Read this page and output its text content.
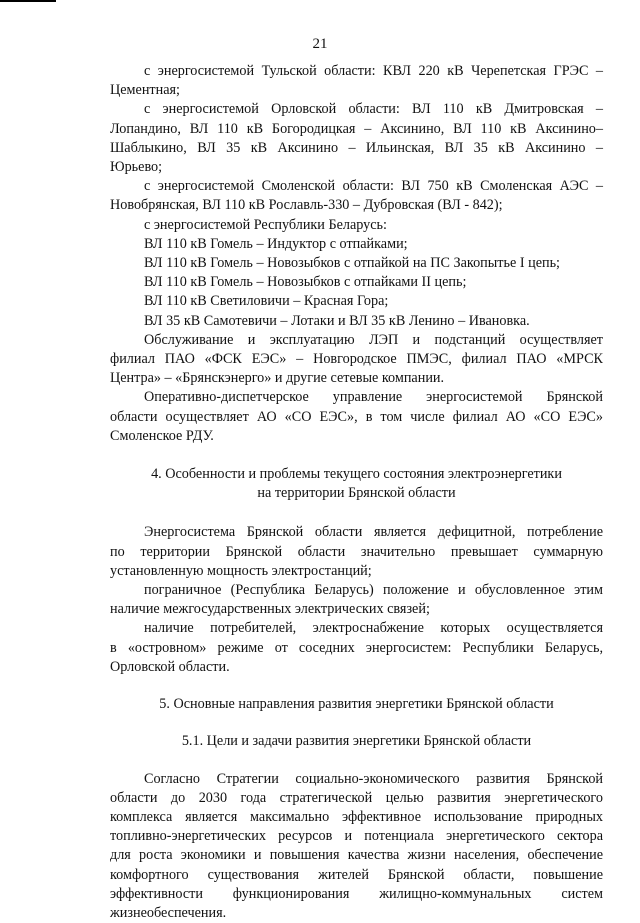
21
с энергосистемой Тульской области: КВЛ 220 кВ Черепетская ГРЭС –
Цементная;
с энергосистемой Орловской области: ВЛ 110 кВ Дмитровская –
Лопандино, ВЛ 110 кВ Богородицкая – Аксинино, ВЛ 110 кВ Аксинино–
Шаблыкино, ВЛ 35 кВ Аксинино – Ильинская, ВЛ 35 кВ Аксинино –
Юрьево;
с энергосистемой Смоленской области: ВЛ 750 кВ Смоленская АЭС –
Новобрянская, ВЛ 110 кВ Рославль-330 – Дубровская (ВЛ - 842);
с энергосистемой Республики Беларусь:
ВЛ 110 кВ Гомель – Индуктор с отпайками;
ВЛ 110 кВ Гомель – Новозыбков с отпайкой на ПС Закопытье I цепь;
ВЛ 110 кВ Гомель – Новозыбков с отпайками II цепь;
ВЛ 110 кВ Светиловичи – Красная Гора;
ВЛ 35 кВ Самотевичи – Лотаки и ВЛ 35 кВ Ленино – Ивановка.
Обслуживание и эксплуатацию ЛЭП и подстанций осуществляет
филиал ПАО «ФСК ЕЭС» – Новгородское ПМЭС, филиал ПАО «МРСК
Центра» – «Брянскэнерго» и другие сетевые компании.
Оперативно-диспетчерское управление энергосистемой Брянской
области осуществляет АО «СО ЕЭС», в том числе филиал АО «СО ЕЭС»
Смоленское РДУ.
4. Особенности и проблемы текущего состояния электроэнергетики
на территории Брянской области
Энергосистема Брянской области является дефицитной, потребление
по территории Брянской области значительно превышает суммарную
установленную мощность электростанций;
пограничное (Республика Беларусь) положение и обусловленное этим
наличие межгосударственных электрических связей;
наличие потребителей, электроснабжение которых осуществляется
в «островном» режиме от соседних энергосистем: Республики Беларусь,
Орловской области.
5. Основные направления развития энергетики Брянской области
5.1. Цели и задачи развития энергетики Брянской области
Согласно Стратегии социально-экономического развития Брянской
области до 2030 года стратегической целью развития энергетического
комплекса является максимально эффективное использование природных
топливно-энергетических ресурсов и потенциала энергетического сектора
для роста экономики и повышения качества жизни населения, обеспечение
комфортного существования жителей Брянской области, повышение
эффективности функционирования жилищно-коммунальных систем
жизнеобеспечения.
